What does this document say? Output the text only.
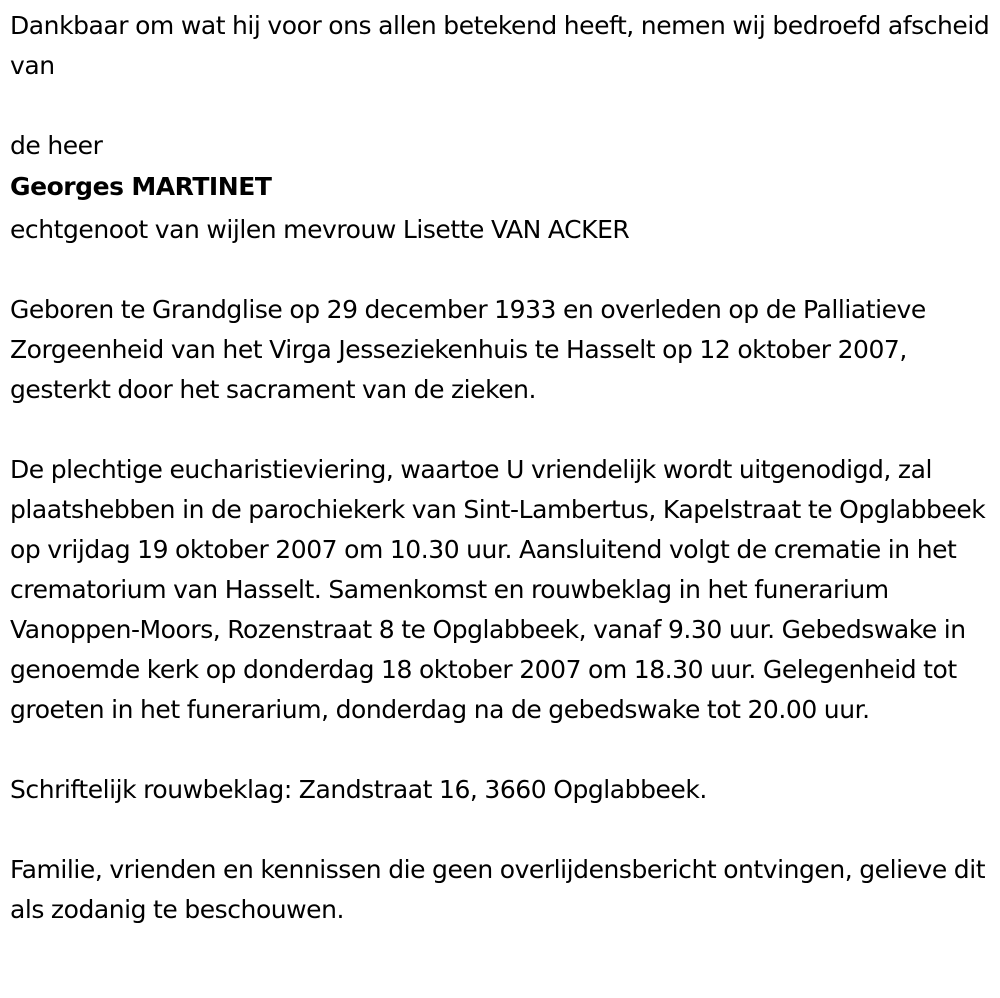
Dankbaar om wat hij voor ons allen betekend heeft, nemen wij bedroefd afscheid van

de heer

Georges MARTINET

echtgenoot van wijlen mevrouw Lisette VAN ACKER

Geboren te Grandglise op 29 december 1933 en overleden op de Palliatieve Zorgeenheid van het Virga Jesseziekenhuis te Hasselt op 12 oktober 2007, gesterkt door het sacrament van de zieken.

De plechtige eucharistieviering, waartoe U vriendelijk wordt uitgenodigd, zal plaatshebben in de parochiekerk van Sint-Lambertus, Kapelstraat te Opglabbeek op vrijdag 19 oktober 2007 om 10.30 uur. Aansluitend volgt de crematie in het crematorium van Hasselt. Samenkomst en rouwbeklag in het funerarium Vanoppen-Moors, Rozenstraat 8 te Opglabbeek, vanaf 9.30 uur. Gebedswake in genoemde kerk op donderdag 18 oktober 2007 om 18.30 uur. Gelegenheid tot groeten in het funerarium, donderdag na de gebedswake tot 20.00 uur.

Schriftelijk rouwbeklag: Zandstraat 16, 3660 Opglabbeek.

Familie, vrienden en kennissen die geen overlijdensbericht ontvingen, gelieve dit als zodanig te beschouwen.
